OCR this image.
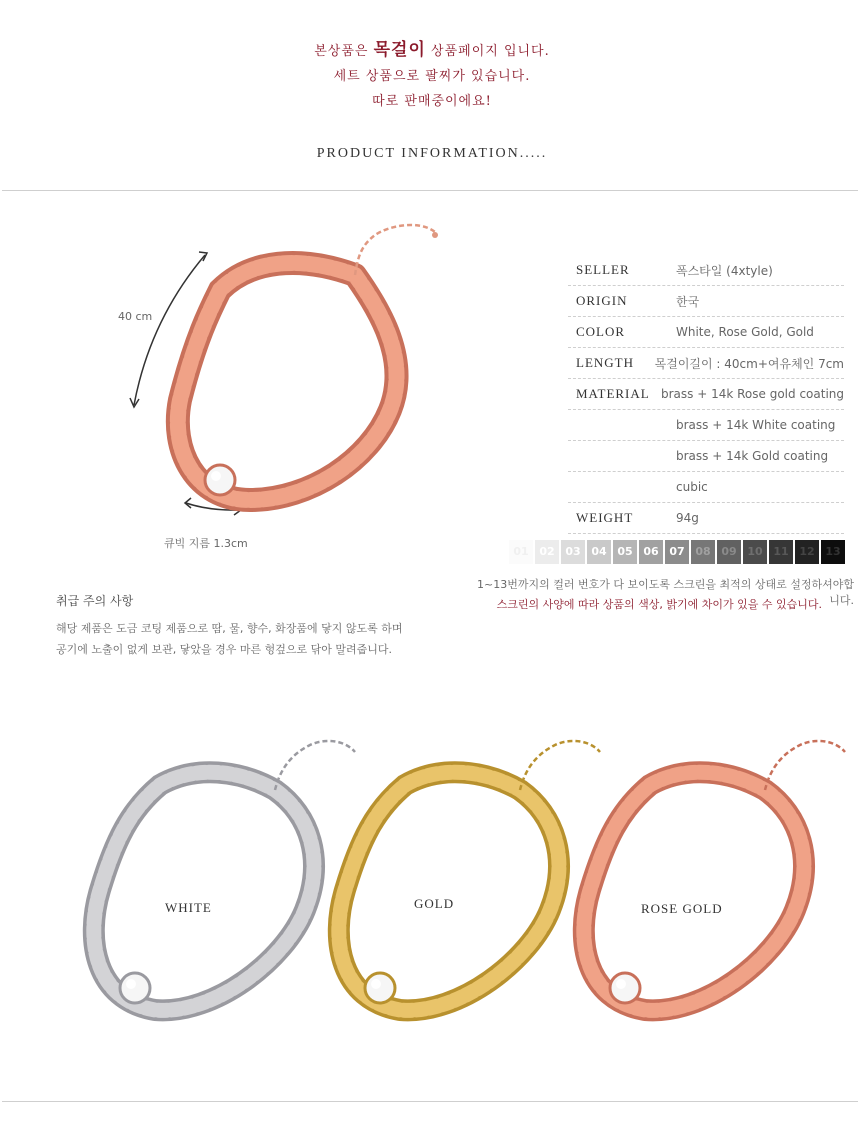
본상품은 목걸이 상품페이지 입니다.
세트 상품으로 팔찌가 있습니다.
따로 판매중이에요!
PRODUCT INFORMATION.....
40 cm
큐빅 지름 1.3cm
SELLER	폭스타일 (4xtyle)
ORIGIN	한국
COLOR	White, Rose Gold, Gold
LENGTH	목걸이길이 : 40cm+여유체인 7cm
MATERIAL brass + 14k Rose gold coating
brass + 14k White coating
brass + 14k Gold coating
cubic
WEIGHT	94g
01 02 03 04 05 06 07 08 09 10 11 12 13
1~13번까지의 컬러 번호가 다 보이도록 스크린을 최적의 상태로 설정하셔야합니다.
스크린의 사양에 따라 상품의 색상, 밝기에 차이가 있을 수 있습니다.
취급 주의 사항
해당 제품은 도금 코팅 제품으로 땀, 물, 향수, 화장품에 닿지 않도록 하며
공기에 노출이 없게 보관, 닿았을 경우 마른 헝겊으로 닦아 말려줍니다.
WHITE	GOLD	ROSE GOLD
